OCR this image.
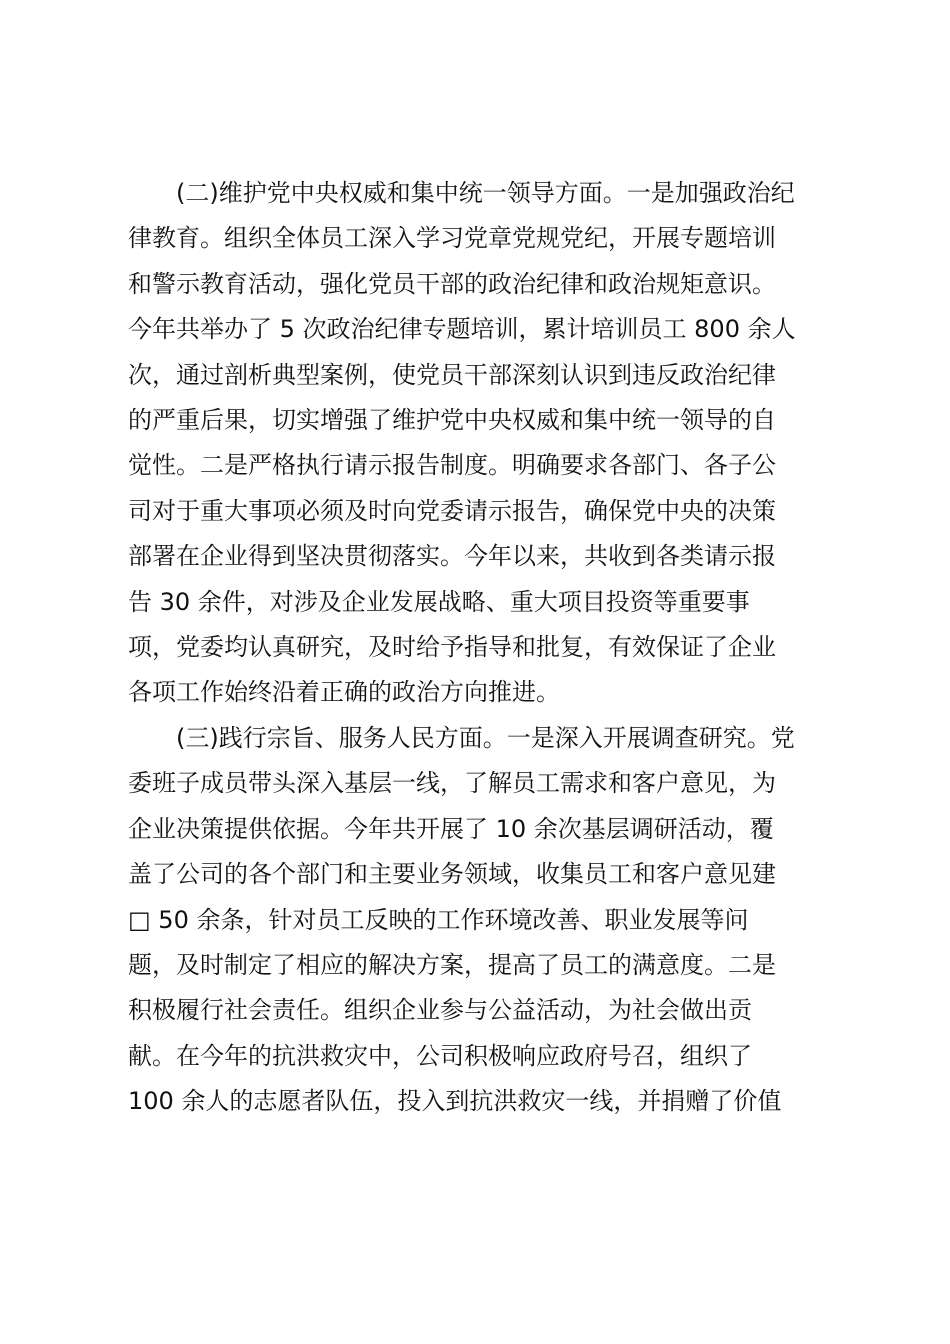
(二)维护党中央权威和集中统一领导方面。一是加强政治纪
律教育。组织全体员工深入学习党章党规党纪，开展专题培训
和警示教育活动，强化党员干部的政治纪律和政治规矩意识。
今年共举办了 5 次政治纪律专题培训，累计培训员工 800 余人
次，通过剖析典型案例，使党员干部深刻认识到违反政治纪律
的严重后果，切实增强了维护党中央权威和集中统一领导的自
觉性。二是严格执行请示报告制度。明确要求各部门、各子公
司对于重大事项必须及时向党委请示报告，确保党中央的决策
部署在企业得到坚决贯彻落实。今年以来，共收到各类请示报
告 30 余件，对涉及企业发展战略、重大项目投资等重要事
项，党委均认真研究，及时给予指导和批复，有效保证了企业
各项工作始终沿着正确的政治方向推进。
(三)践行宗旨、服务人民方面。一是深入开展调查研究。党
委班子成员带头深入基层一线，了解员工需求和客户意见，为
企业决策提供依据。今年共开展了 10 余次基层调研活动，覆
盖了公司的各个部门和主要业务领域，收集员工和客户意见建
□ 50 余条，针对员工反映的工作环境改善、职业发展等问
题，及时制定了相应的解决方案，提高了员工的满意度。二是
积极履行社会责任。组织企业参与公益活动，为社会做出贡
献。在今年的抗洪救灾中，公司积极响应政府号召，组织了
100 余人的志愿者队伍，投入到抗洪救灾一线，并捐赠了价值
